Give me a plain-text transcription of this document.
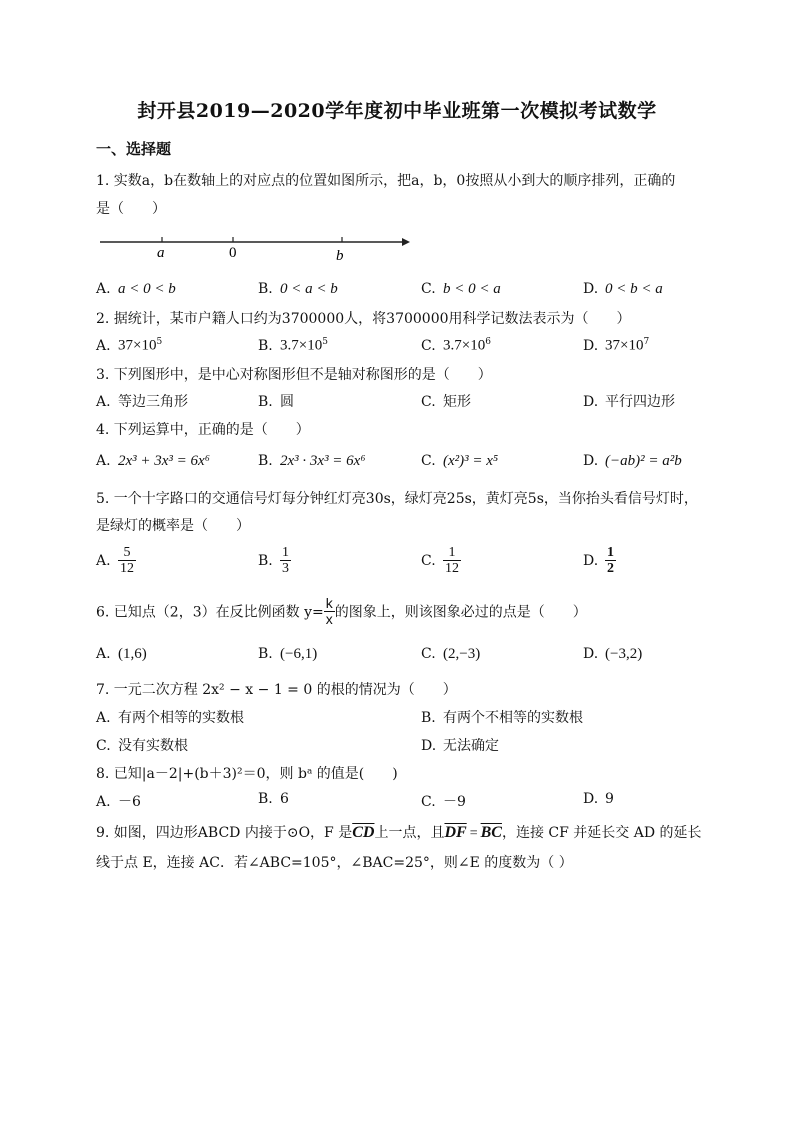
封开县2019—2020学年度初中毕业班第一次模拟考试数学
一、选择题
1. 实数a，b在数轴上的对应点的位置如图所示，把a，b，0按照从小到大的顺序排列，正确的
是（　　）
a	0	b
A. a < 0 < b	B. 0 < a < b	C. b < 0 < a	D. 0 < b < a
2. 据统计，某市户籍人口约为3700000人，将3700000用科学记数法表示为（　　）
A. $37\times 10^5$	B. $3.7\times 10^5$	C. $3.7\times 10^6$	D. $37\times 10^7$
3. 下列图形中，是中心对称图形但不是轴对称图形的是（　　）
A. 等边三角形	B. 圆	C. 矩形	D. 平行四边形
4. 下列运算中，正确的是（　　）
A. 2x³ + 3x³ = 6x⁶	B. 2x³ · 3x³ = 6x⁶	C. (x²)³ = x⁵	D. (−ab)² = a²b
5. 一个十字路口的交通信号灯每分钟红灯亮30s，绿灯亮25s，黄灯亮5s，当你抬头看信号灯时，
是绿灯的概率是（　　）
A. $\frac{5}{12}$	B. $\frac{1}{3}$	C. $\frac{1}{12}$	D. $\frac{1}{2}$
6. 已知点（2，3）在反比例函数 $y= \frac{k}{x}$ 的图象上，则该图象必过的点是（　　）
A. (1,6)	B. (−6,1)	C. (2,−3)	D. (−3,2)
7. 一元二次方程 2x² − x − 1 = 0 的根的情况为（　　）
A. 有两个相等的实数根	B. 有两个不相等的实数根
C. 没有实数根	D. 无法确定
8. 已知|a－2|+(b＋3)²＝0，则 bᵃ 的值是(　　)
A. －6	B. 6	C. －9	D. 9
9. 如图，四边形ABCD 内接于⊙O，F 是$\overline{CD}$上一点，且$\overline{DF} = \overline{BC}$，连接 CF 并延长交 AD 的延长
线于点 E，连接 AC．若∠ABC=105°，∠BAC=25°，则∠E 的度数为（ ）
